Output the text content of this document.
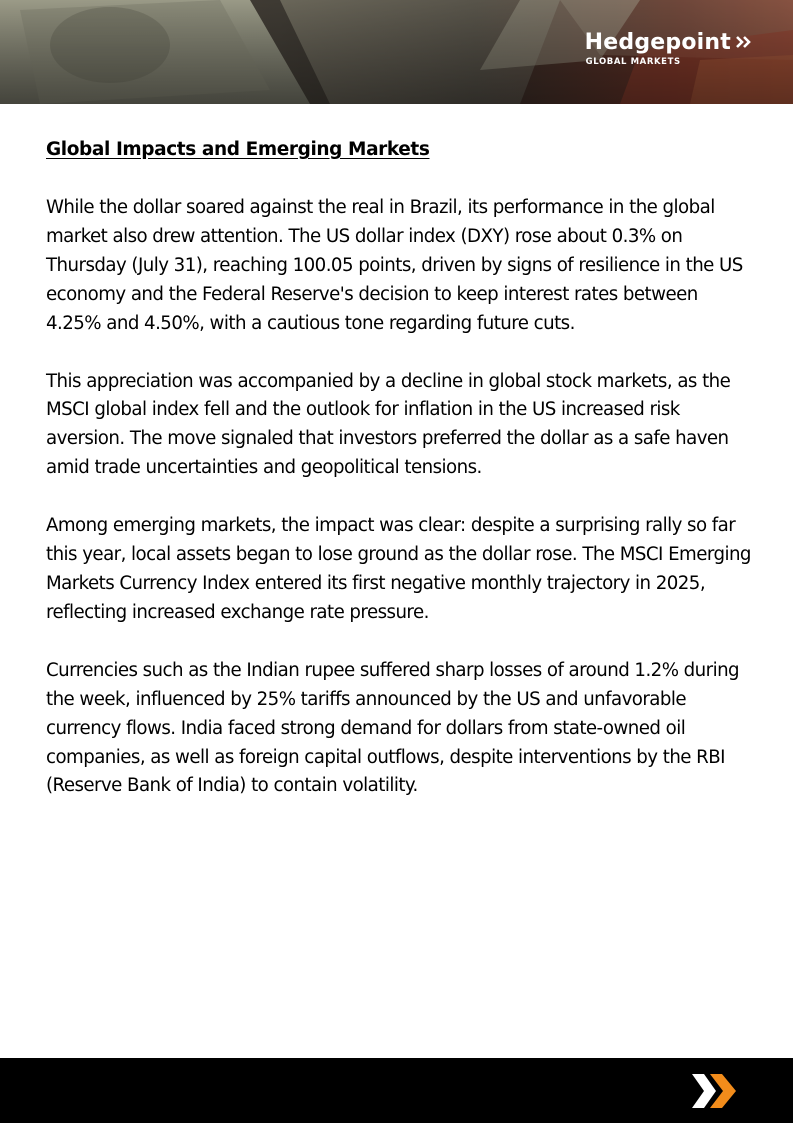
Hedgepoint
GLOBAL MARKETS
Global Impacts and Emerging Markets

While the dollar soared against the real in Brazil, its performance in the global market also drew attention. The US dollar index (DXY) rose about 0.3% on Thursday (July 31), reaching 100.05 points, driven by signs of resilience in the US economy and the Federal Reserve's decision to keep interest rates between 4.25% and 4.50%, with a cautious tone regarding future cuts.

This appreciation was accompanied by a decline in global stock markets, as the MSCI global index fell and the outlook for inflation in the US increased risk aversion. The move signaled that investors preferred the dollar as a safe haven amid trade uncertainties and geopolitical tensions.

Among emerging markets, the impact was clear: despite a surprising rally so far this year, local assets began to lose ground as the dollar rose. The MSCI Emerging Markets Currency Index entered its first negative monthly trajectory in 2025, reflecting increased exchange rate pressure.

Currencies such as the Indian rupee suffered sharp losses of around 1.2% during the week, influenced by 25% tariffs announced by the US and unfavorable currency flows. India faced strong demand for dollars from state-owned oil companies, as well as foreign capital outflows, despite interventions by the RBI (Reserve Bank of India) to contain volatility.
